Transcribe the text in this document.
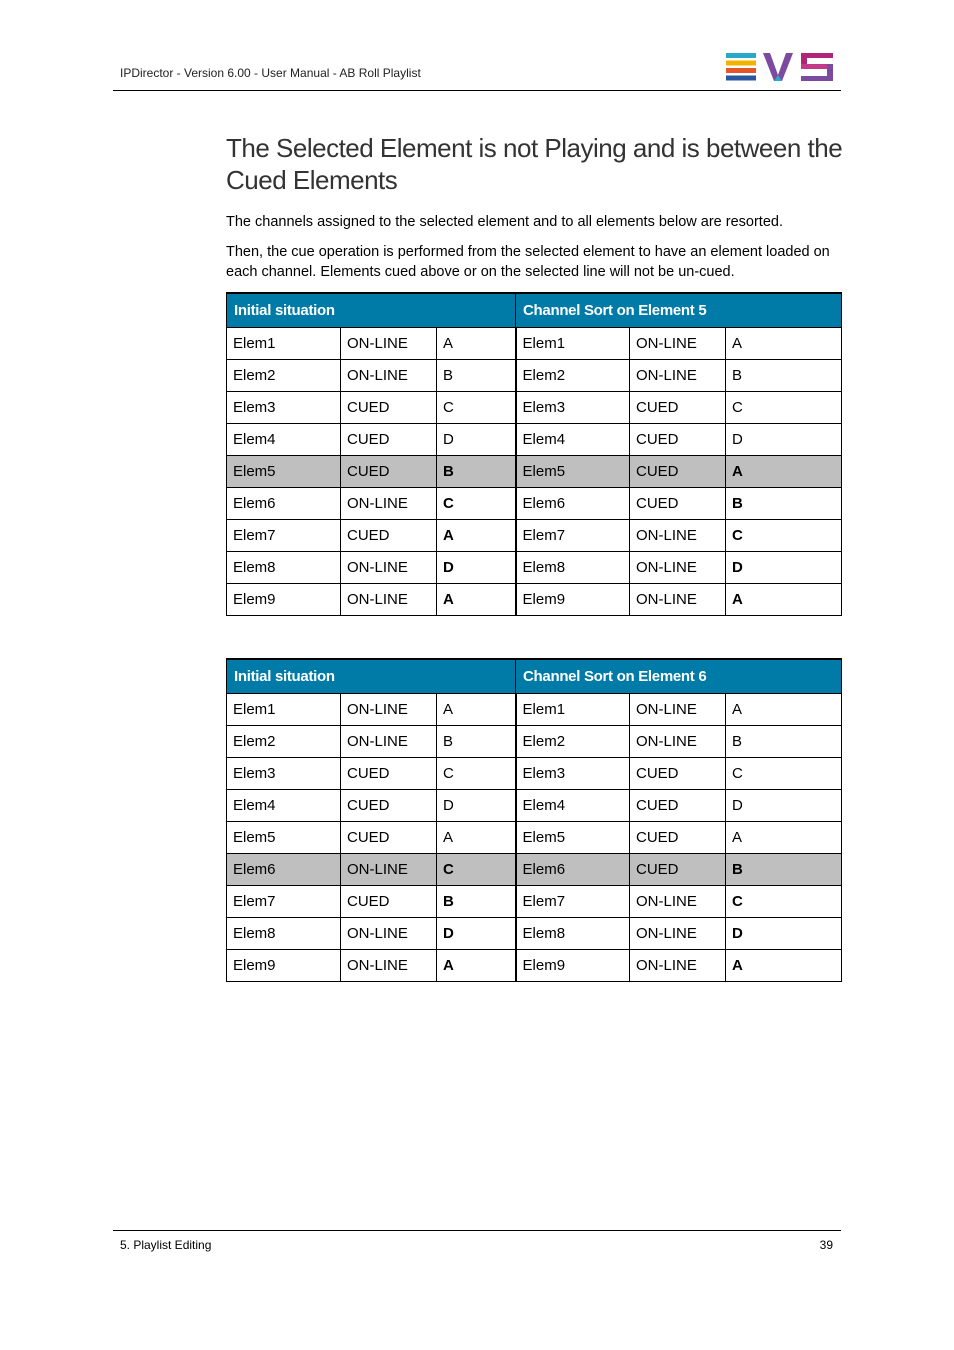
IPDirector - Version 6.00 - User Manual - AB Roll Playlist
The Selected Element is not Playing and is between the Cued Elements

The channels assigned to the selected element and to all elements below are resorted.

Then, the cue operation is performed from the selected element to have an element loaded on each channel. Elements cued above or on the selected line will not be un-cued.

Initial situation			Channel Sort on Element 5		
Elem1	ON-LINE	A	Elem1	ON-LINE	A
Elem2	ON-LINE	B	Elem2	ON-LINE	B
Elem3	CUED	C	Elem3	CUED	C
Elem4	CUED	D	Elem4	CUED	D
Elem5	CUED	B	Elem5	CUED	A
Elem6	ON-LINE	C	Elem6	CUED	B
Elem7	CUED	A	Elem7	ON-LINE	C
Elem8	ON-LINE	D	Elem8	ON-LINE	D
Elem9	ON-LINE	A	Elem9	ON-LINE	A
Initial situation			Channel Sort on Element 6		
Elem1	ON-LINE	A	Elem1	ON-LINE	A
Elem2	ON-LINE	B	Elem2	ON-LINE	B
Elem3	CUED	C	Elem3	CUED	C
Elem4	CUED	D	Elem4	CUED	D
Elem5	CUED	A	Elem5	CUED	A
Elem6	ON-LINE	C	Elem6	CUED	B
Elem7	CUED	B	Elem7	ON-LINE	C
Elem8	ON-LINE	D	Elem8	ON-LINE	D
Elem9	ON-LINE	A	Elem9	ON-LINE	A
5. Playlist Editing	39
